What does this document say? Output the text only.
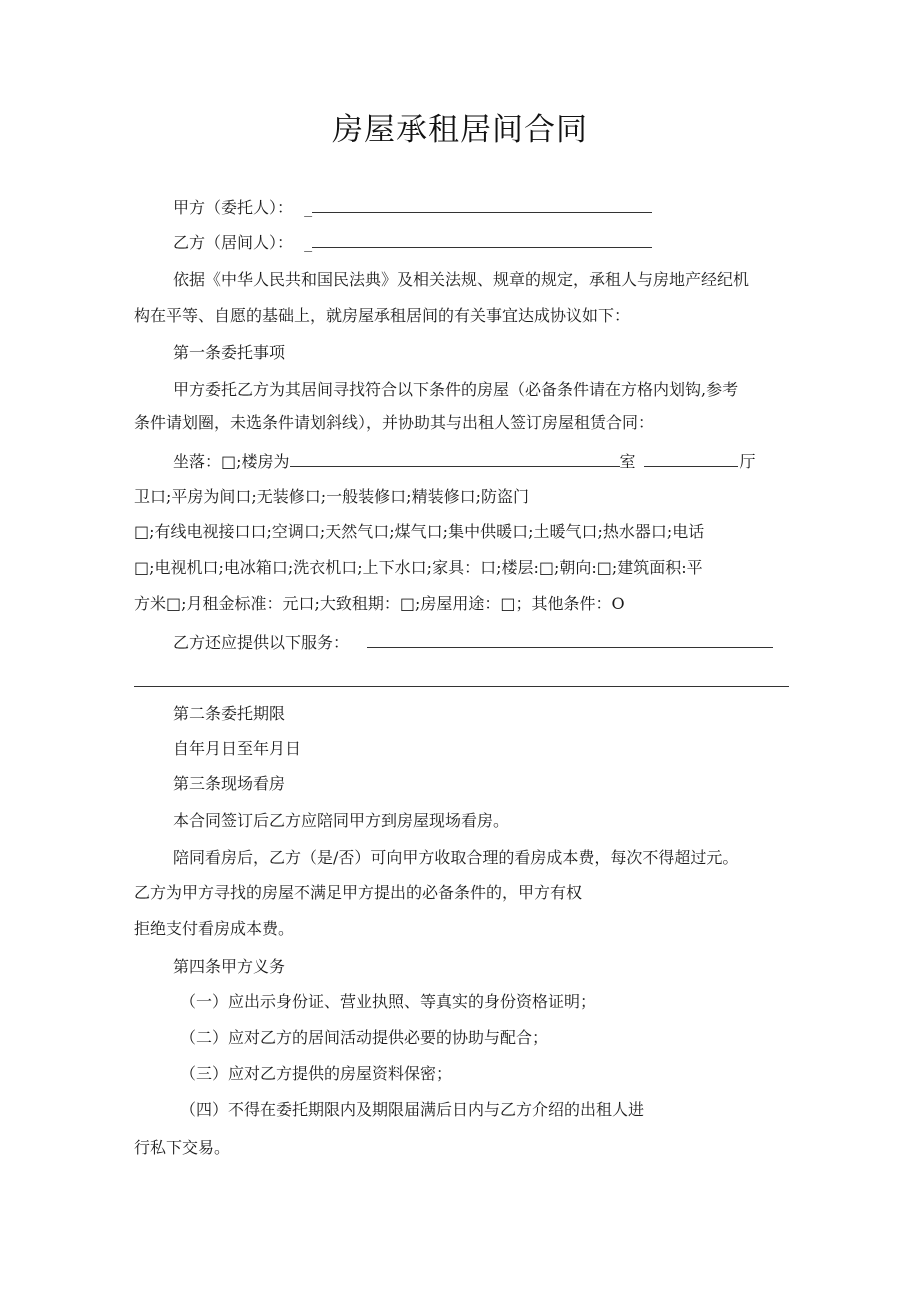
房屋承租居间合同
甲方（委托人）： _
乙方（居间人）： _
依据《中华人民共和国民法典》及相关法规、规章的规定，承租人与房地产经纪机
构在平等、自愿的基础上，就房屋承租居间的有关事宜达成协议如下：
第一条委托事项
甲方委托乙方为其居间寻找符合以下条件的房屋（必备条件请在方格内划钩,参考
条件请划圈，未选条件请划斜线），并协助其与出租人签订房屋租赁合同：
坐落：□;楼房为	室	厅
卫口;平房为间口;无装修口;一般装修口;精装修口;防盗门
□;有线电视接口口;空调口;天然气口;煤气口;集中供暖口;土暖气口;热水器口;电话
□;电视机口;电冰箱口;洗衣机口;上下水口;家具：口;楼层:□;朝向:□;建筑面积:平
方米□;月租金标准：元口;大致租期：□;房屋用途：□；其他条件：O
乙方还应提供以下服务：
第二条委托期限
自年月日至年月日
第三条现场看房
本合同签订后乙方应陪同甲方到房屋现场看房。
陪同看房后，乙方（是/否）可向甲方收取合理的看房成本费，每次不得超过元。
乙方为甲方寻找的房屋不满足甲方提出的必备条件的，甲方有权
拒绝支付看房成本费。
第四条甲方义务
（一）应出示身份证、营业执照、等真实的身份资格证明；
（二）应对乙方的居间活动提供必要的协助与配合；
（三）应对乙方提供的房屋资料保密；
（四）不得在委托期限内及期限届满后日内与乙方介绍的出租人进
行私下交易。
